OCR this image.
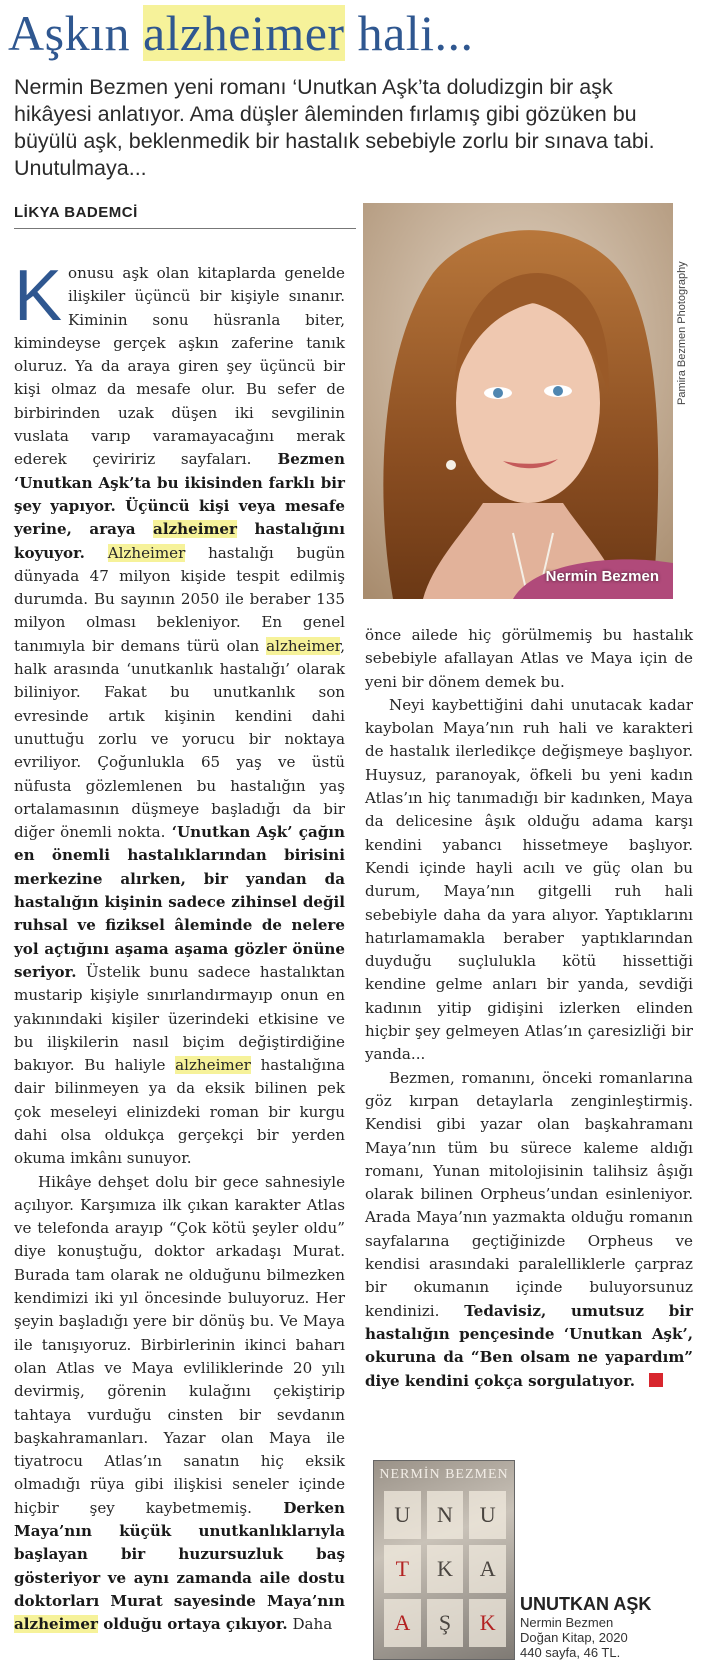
Aşkın alzheimer hali...
Nermin Bezmen yeni romanı ‘Unutkan Aşk’ta doludizgin bir aşk hikâyesi anlatıyor. Ama düşler âleminden fırlamış gibi gözüken bu büyülü aşk, beklenmedik bir hastalık sebebiyle zorlu bir sınava tabi. Unutulmaya...
LİKYA BADEMCİ
Nermin Bezmen
Pamira Bezmen Photography

Konusu aşk olan kitaplarda genelde ilişkiler üçüncü bir kişiyle sınanır. Kiminin sonu hüsranla biter, kimindeyse gerçek aşkın zaferine tanık oluruz. Ya da araya giren şey üçüncü bir kişi olmaz da mesafe olur. Bu sefer de birbirinden uzak düşen iki sevgilinin vuslata varıp varamayacağını merak ederek çeviririz sayfaları. Bezmen ‘Unutkan Aşk’ta bu ikisinden farklı bir şey yapıyor. Üçüncü kişi veya mesafe yerine, araya alzheimer hastalığını koyuyor. Alzheimer hastalığı bugün dünyada 47 milyon kişide tespit edilmiş durumda. Bu sayının 2050 ile beraber 135 milyon olması bekleniyor. En genel tanımıyla bir demans türü olan alzheimer, halk arasında ‘unutkanlık hastalığı’ olarak biliniyor. Fakat bu unutkanlık son evresinde artık kişinin kendini dahi unuttuğu zorlu ve yorucu bir noktaya evriliyor. Çoğunlukla 65 yaş ve üstü nüfusta gözlemlenen bu hastalığın yaş ortalamasının düşmeye başladığı da bir diğer önemli nokta. ‘Unutkan Aşk’ çağın en önemli hastalıklarından birisini merkezine alırken, bir yandan da hastalığın kişinin sadece zihinsel değil ruhsal ve fiziksel âleminde de nelere yol açtığını aşama aşama gözler önüne seriyor. Üstelik bunu sadece hastalıktan mustarip kişiyle sınırlandırmayıp onun en yakınındaki kişiler üzerindeki etkisine ve bu ilişkilerin nasıl biçim değiştirdiğine bakıyor. Bu haliyle alzheimer hastalığına dair bilinmeyen ya da eksik bilinen pek çok meseleyi elinizdeki roman bir kurgu dahi olsa oldukça gerçekçi bir yerden okuma imkânı sunuyor.

Hikâye dehşet dolu bir gece sahnesiyle açılıyor. Karşımıza ilk çıkan karakter Atlas ve telefonda arayıp “Çok kötü şeyler oldu” diye konuştuğu, doktor arkadaşı Murat. Burada tam olarak ne olduğunu bilmezken kendimizi iki yıl öncesinde buluyoruz. Her şeyin başladığı yere bir dönüş bu. Ve Maya ile tanışıyoruz. Birbirlerinin ikinci baharı olan Atlas ve Maya evliliklerinde 20 yılı devirmiş, görenin kulağını çekiştirip tahtaya vurduğu cinsten bir sevdanın başkahramanları. Yazar olan Maya ile tiyatrocu Atlas’ın sanatın hiç eksik olmadığı rüya gibi ilişkisi seneler içinde hiçbir şey kaybetmemiş. Derken Maya’nın küçük unutkanlıklarıyla başlayan bir huzursuzluk baş gösteriyor ve aynı zamanda aile dostu doktorları Murat sayesinde Maya’nın alzheimer olduğu ortaya çıkıyor. Daha

önce ailede hiç görülmemiş bu hastalık sebebiyle afallayan Atlas ve Maya için de yeni bir dönem demek bu.

Neyi kaybettiğini dahi unutacak kadar kaybolan Maya’nın ruh hali ve karakteri de hastalık ilerledikçe değişmeye başlıyor. Huysuz, paranoyak, öfkeli bu yeni kadın Atlas’ın hiç tanımadığı bir kadınken, Maya da delicesine âşık olduğu adama karşı kendini yabancı hissetmeye başlıyor. Kendi içinde hayli acılı ve güç olan bu durum, Maya’nın gitgelli ruh hali sebebiyle daha da yara alıyor. Yaptıklarını hatırlamamakla beraber yaptıklarından duyduğu suçlulukla kötü hissettiği kendine gelme anları bir yanda, sevdiği kadının yitip gidişini izlerken elinden hiçbir şey gelmeyen Atlas’ın çaresizliği bir yanda...

Bezmen, romanını, önceki romanlarına göz kırpan detaylarla zenginleştirmiş. Kendisi gibi yazar olan başkahramanı Maya’nın tüm bu sürece kaleme aldığı romanı, Yunan mitolojisinin talihsiz âşığı olarak bilinen Orpheus’undan esinleniyor. Arada Maya’nın yazmakta olduğu romanın sayfalarına geçtiğinizde Orpheus ve kendisi arasındaki paralelliklerle çarpraz bir okumanın içinde buluyorsunuz kendinizi. Tedavisiz, umutsuz bir hastalığın pençesinde ‘Unutkan Aşk’, okuruna da “Ben olsam ne yapardım” diye kendini çokça sorgulatıyor.

NERMİN BEZMEN
U	N	U
T	K	A
A	Ş	K
UNUTKAN AŞK
Nermin Bezmen
Doğan Kitap, 2020
440 sayfa, 46 TL.
